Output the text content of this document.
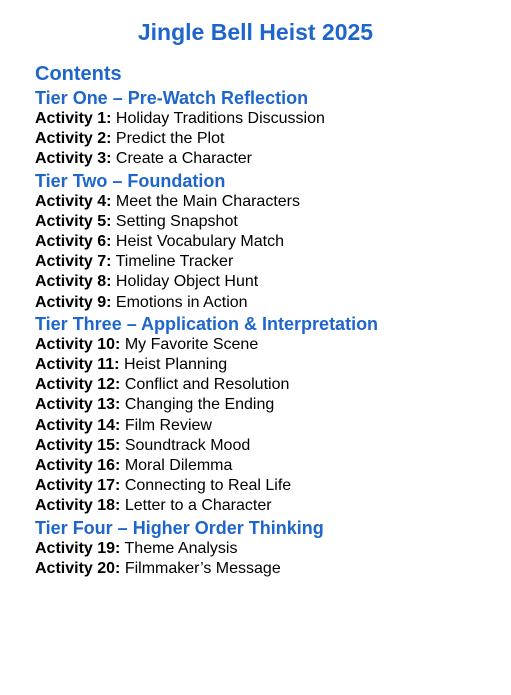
Jingle Bell Heist 2025
Contents
Tier One – Pre-Watch Reflection

Activity 1: Holiday Traditions Discussion

Activity 2: Predict the Plot

Activity 3: Create a Character

Tier Two – Foundation

Activity 4: Meet the Main Characters

Activity 5: Setting Snapshot

Activity 6: Heist Vocabulary Match

Activity 7: Timeline Tracker

Activity 8: Holiday Object Hunt

Activity 9: Emotions in Action

Tier Three – Application & Interpretation

Activity 10: My Favorite Scene

Activity 11: Heist Planning

Activity 12: Conflict and Resolution

Activity 13: Changing the Ending

Activity 14: Film Review

Activity 15: Soundtrack Mood

Activity 16: Moral Dilemma

Activity 17: Connecting to Real Life

Activity 18: Letter to a Character

Tier Four – Higher Order Thinking

Activity 19: Theme Analysis

Activity 20: Filmmaker’s Message
